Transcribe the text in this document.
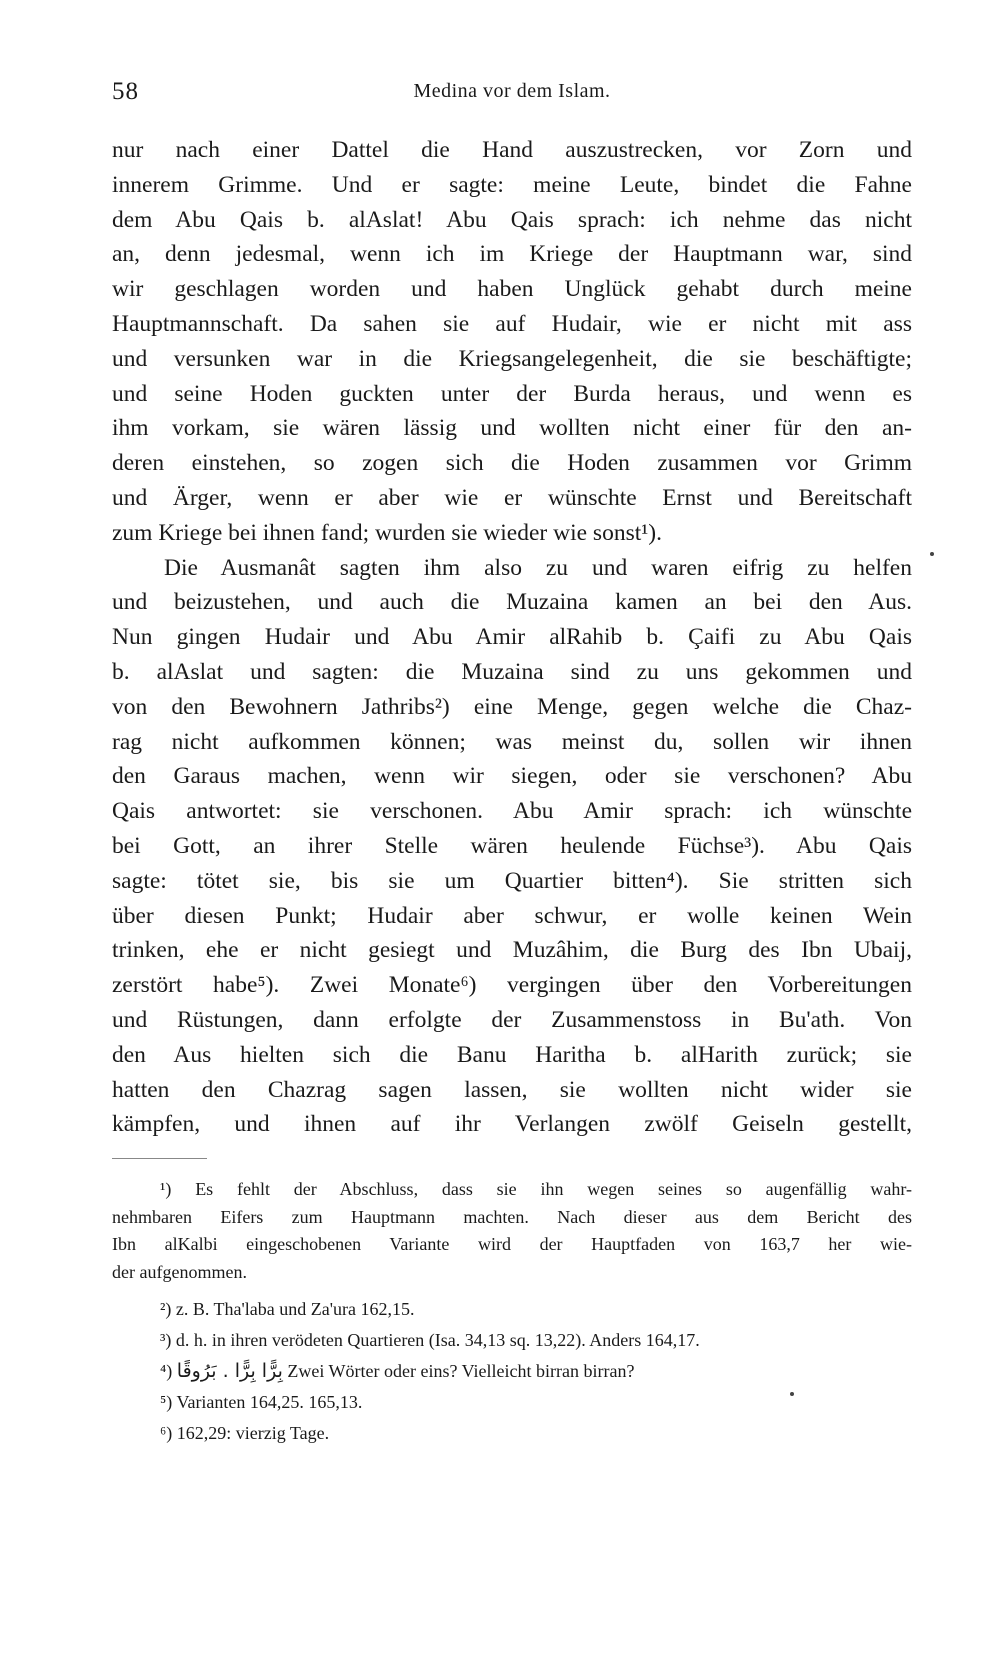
58	Medina vor dem Islam.
nur nach einer Dattel die Hand auszustrecken, vor Zorn und
innerem Grimme. Und er sagte: meine Leute, bindet die Fahne
dem Abu Qais b. alAslat! Abu Qais sprach: ich nehme das nicht
an, denn jedesmal, wenn ich im Kriege der Hauptmann war, sind
wir geschlagen worden und haben Unglück gehabt durch meine
Hauptmannschaft. Da sahen sie auf Hudair, wie er nicht mit ass
und versunken war in die Kriegsangelegenheit, die sie beschäftigte;
und seine Hoden guckten unter der Burda heraus, und wenn es
ihm vorkam, sie wären lässig und wollten nicht einer für den an-
deren einstehen, so zogen sich die Hoden zusammen vor Grimm
und Ärger, wenn er aber wie er wünschte Ernst und Bereitschaft
zum Kriege bei ihnen fand; wurden sie wieder wie sonst¹).
Die Ausmanât sagten ihm also zu und waren eifrig zu helfen
und beizustehen, und auch die Muzaina kamen an bei den Aus.
Nun gingen Hudair und Abu Amir alRahib b. Çaifi zu Abu Qais
b. alAslat und sagten: die Muzaina sind zu uns gekommen und
von den Bewohnern Jathribs²) eine Menge, gegen welche die Chaz-
rag nicht aufkommen können; was meinst du, sollen wir ihnen
den Garaus machen, wenn wir siegen, oder sie verschonen? Abu
Qais antwortet: sie verschonen. Abu Amir sprach: ich wünschte
bei Gott, an ihrer Stelle wären heulende Füchse³). Abu Qais
sagte: tötet sie, bis sie um Quartier bitten⁴). Sie stritten sich
über diesen Punkt; Hudair aber schwur, er wolle keinen Wein
trinken, ehe er nicht gesiegt und Muzâhim, die Burg des Ibn Ubaij,
zerstört habe⁵). Zwei Monate⁶) vergingen über den Vorbereitungen
und Rüstungen, dann erfolgte der Zusammenstoss in Bu'ath. Von
den Aus hielten sich die Banu Haritha b. alHarith zurück; sie
hatten den Chazrag sagen lassen, sie wollten nicht wider sie
kämpfen, und ihnen auf ihr Verlangen zwölf Geiseln gestellt,
¹) Es fehlt der Abschluss, dass sie ihn wegen seines so augenfällig wahr-
nehmbaren Eifers zum Hauptmann machten. Nach dieser aus dem Bericht des
Ibn alKalbi eingeschobenen Variante wird der Hauptfaden von 163,7 her wie-
der aufgenommen.
²) z. B. Tha'laba und Za'ura 162,15.
³) d. h. in ihren verödeten Quartieren (Isa. 34,13 sq. 13,22). Anders 164,17.
⁴) بِرًّا بِرًّا . بَرُوقًا Zwei Wörter oder eins? Vielleicht birran birran?
⁵) Varianten 164,25. 165,13.
⁶) 162,29: vierzig Tage.
